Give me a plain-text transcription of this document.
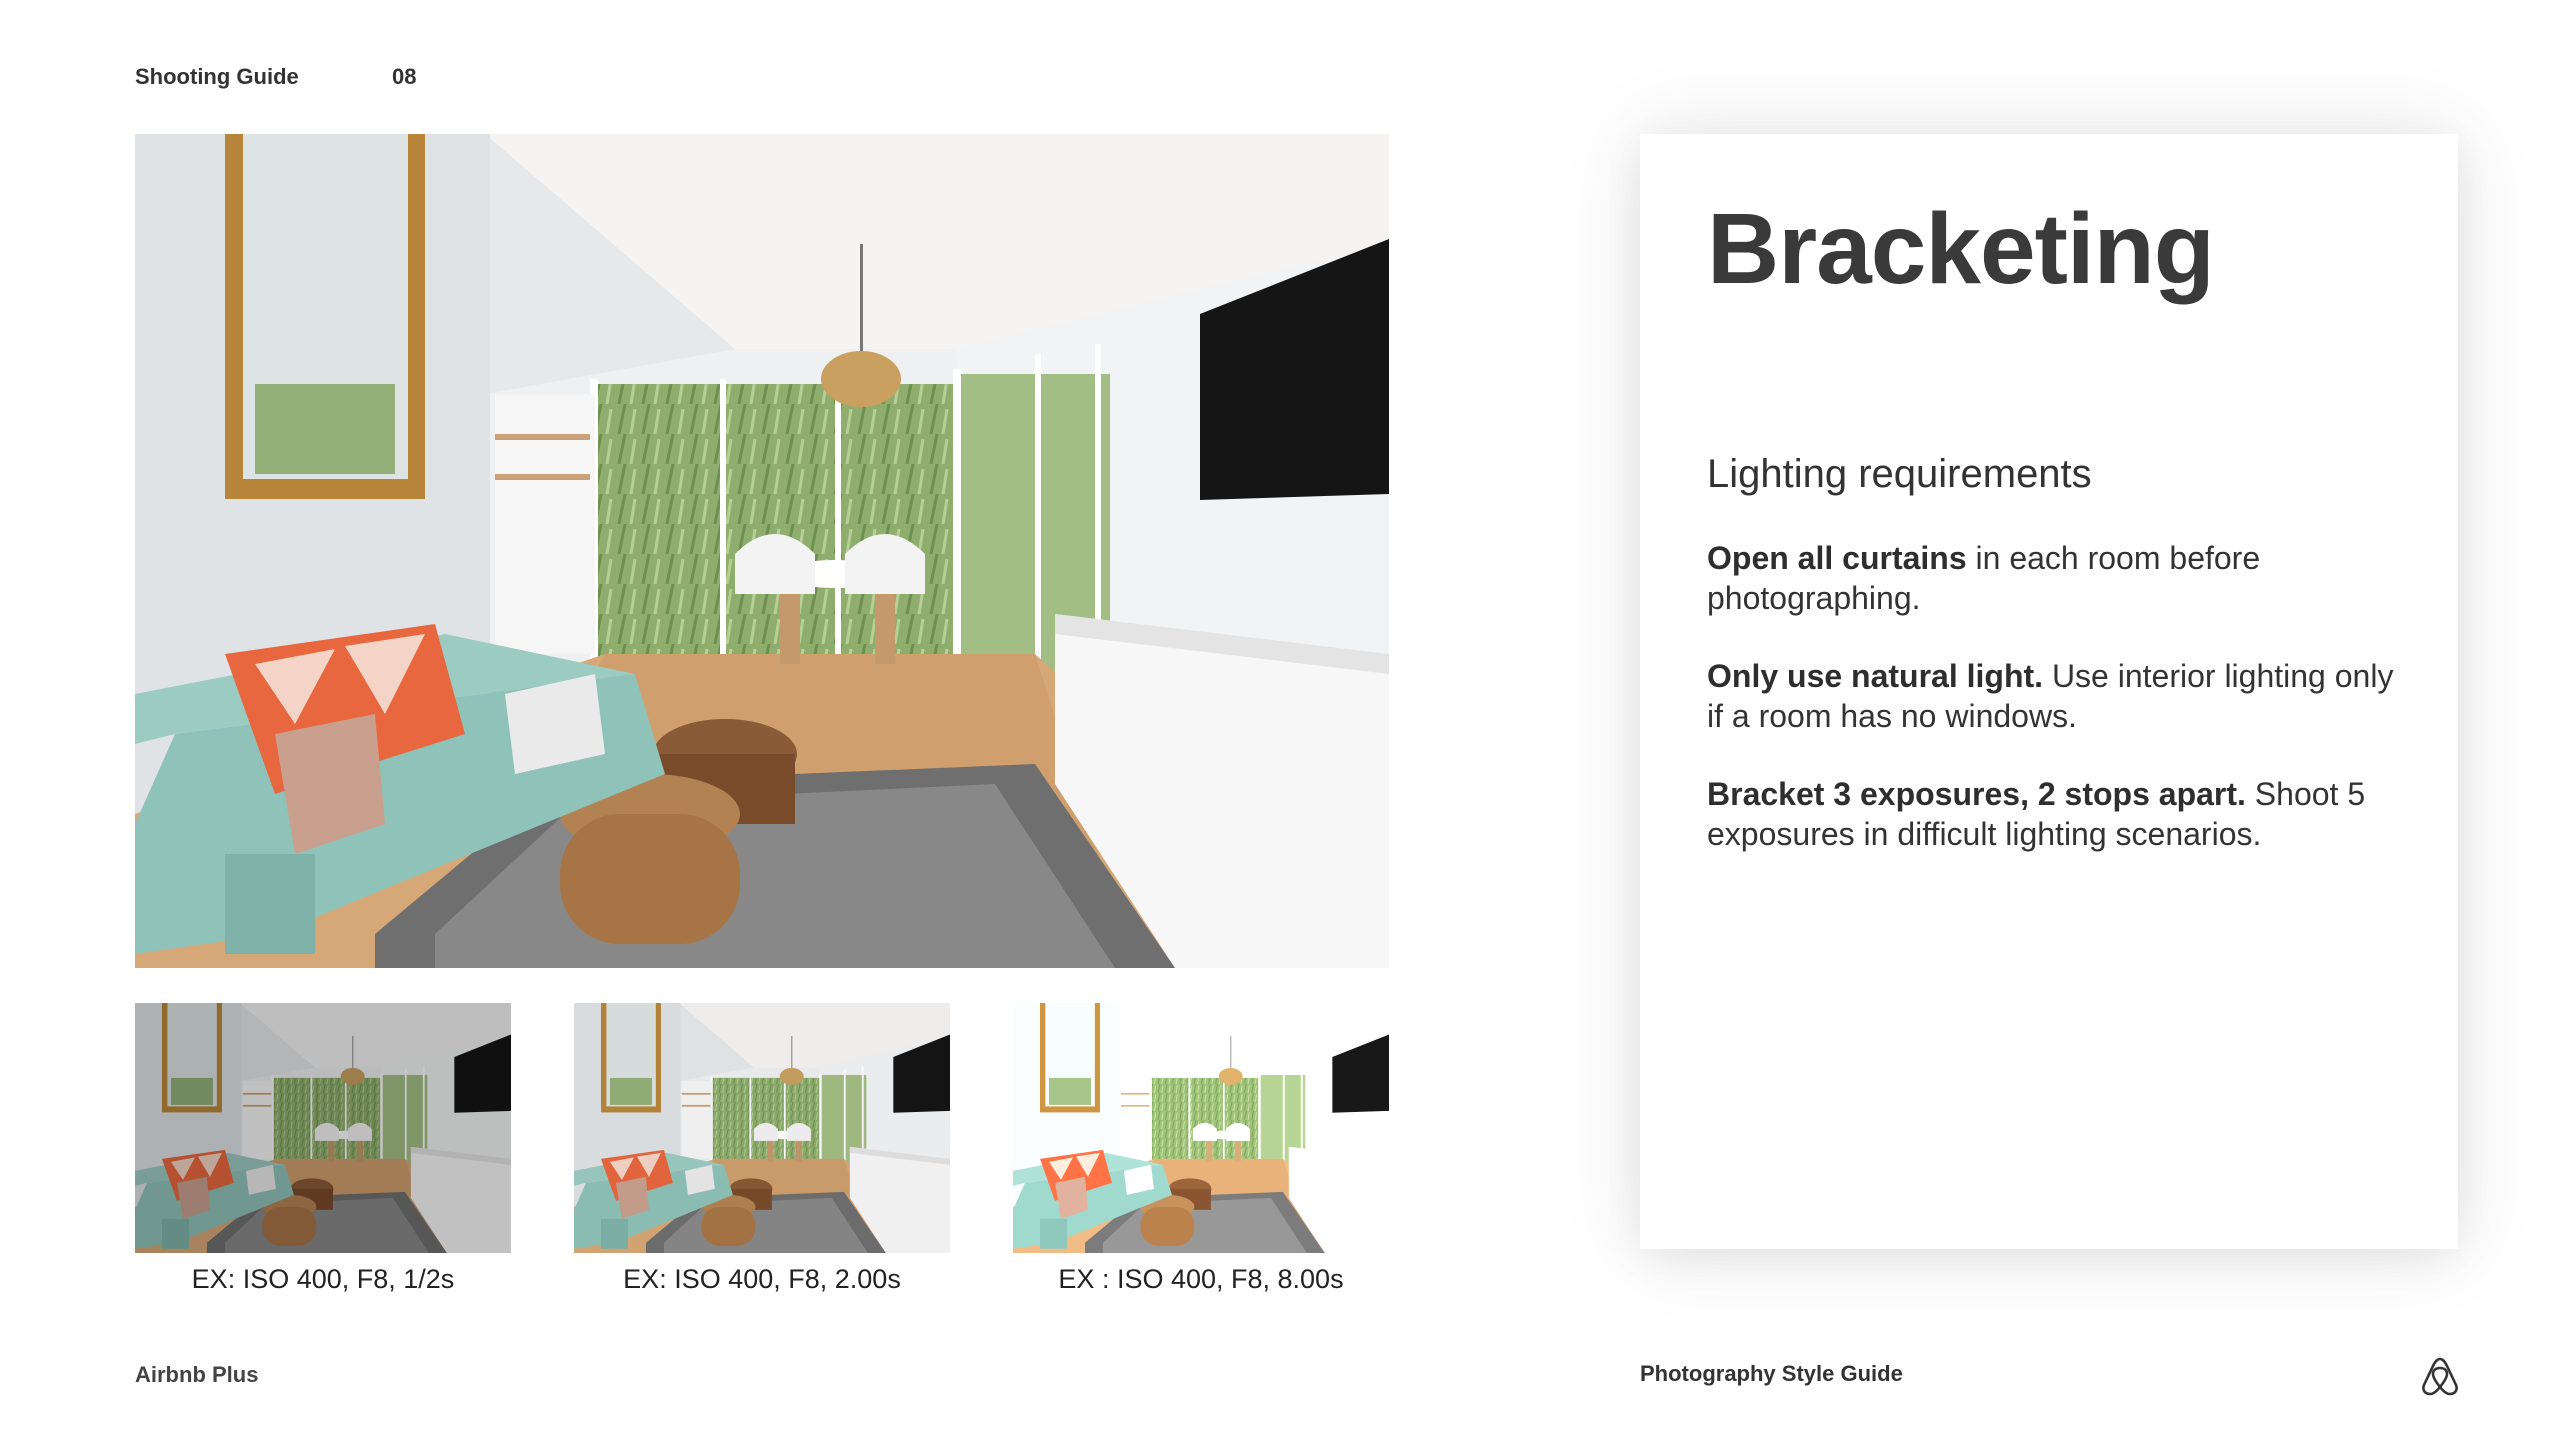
Shooting Guide	08
EX: ISO 400, F8, 1/2s	EX: ISO 400, F8, 2.00s	EX : ISO 400, F8, 8.00s
Bracketing
Lighting requirements

Open all curtains in each room before photographing.

Only use natural light. Use interior lighting only if a room has no windows.

Bracket 3 exposures, 2 stops apart. Shoot 5 exposures in difficult lighting scenarios.

Airbnb Plus	Photography Style Guide
